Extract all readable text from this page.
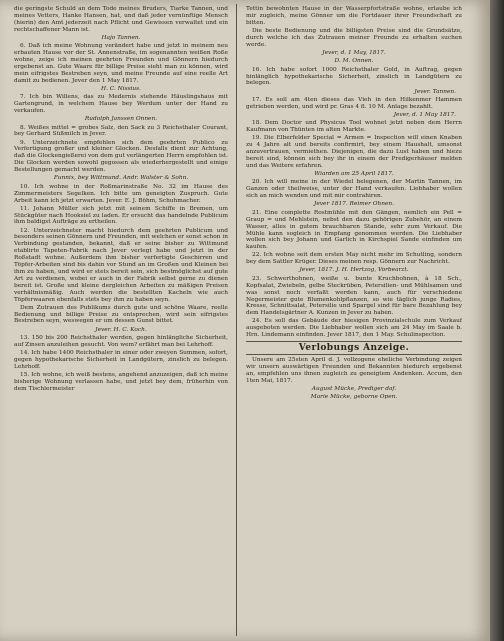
die geringste Schuld an dem Tode meines Bruders, Tiarke Tannen, und meines Vetters, Hanke Hansen, hat, und daß jeder vernünftige Mensch (hierin) den Amt jederzeit nach Pflicht und Gewissen verwaltet und ein rechtschaffener Mann ist.

Hajo Tannen.

6. Daß ich meine Wohnung verändert habe und jetzt in meinem neu erbauten Hause vor der St. Annenstraße, im sogenannten weißen Roße wohne, zeige ich meinen geehrten Freunden und Gönnern hiedurch ergebenst an. Gute Waare für billige Preise sieht man zu können, wird mein eifrigstes Bestreben seyn, und meine Freunde auf eine reelle Art damit zu bedienen. Jever den 1 May 1817.

H. C. Nissius.

7. Ich bin Willens, das zu Medernis stehende Häuslingshaus mit Gartengrund, in welchem Hause bey Werdum unter der Hand zu verkaufen.

Rudolph Janssen Onnen.

8. Weißes mittel = grobes Salz, den Sack zu 3 Reichsthaler Courant, bey Gerhard Süßmilch in Jever.

9. Unterzeichnete empfehlen sich dem geehrten Publico zu Verfertigung großer und kleiner Glocken. Desfalls dient zur Achtung, daß die Glockengießerei von dem gut verlängerten Herrn empfohlen ist. Die Glocken werden sowohl gegossen als wiederhergestellt und einige Bestellungen gemacht werden.

Funnix, bey Wittmund. Andr. Walster & Sohn.

10. Ich wohne in der Roßmarinstraße No. 32 im Hause des Zimmermeisters Segelken. Ich bitte um geneigten Zuspruch. Gute Arbeit kann ich jetzt erwarten. Jever. E. J. Böhm, Schuhmacher.

11. Johann Müller sich jetzt mit seinem Schiffe in Bremen, um Stückgüter nach Hooksiel zu laden. Er ersucht das handelnde Publicum ihm baldigst Aufträge zu ertheilen.

12. Unterzeichneter macht hiedurch dem geehrten Publicum und besonders seinen Gönnern und Freunden, mit welchen er sonst schon in Verbindung gestanden, bekannt, daß er seine bisher zu Wittmund etablirte Tapeten-Fabrik nach Jever verlegt habe und jetzt in der Roßstadt wohne. Außerdem ihm bisher verfertigte Geschirren und Töpfer-Arbeiten sind bis dahin vor Stund an im Großen und Kleinen bei ihm zu haben, und wird er stets bereit sein, sich bestmöglichst auf gute Art zu verdienen, wobei er auch in der Fabrik selbst gerne zu dienen bereit ist. Große und kleine dergleichen Arbeiten zu mäßigen Preisen verhältnismäßig. Auch werden die bestellten Kacheln wie auch Töpferwaaren ebenfalls stets bey ihm zu haben seyn.

Dem Zutrauen des Publikums durch gute und schöne Waare, reelle Bedienung und billige Preise zu entsprechen, wird sein eifrigstes Bestreben seyn, weswegen er um dessen Gunst bittet.

Jever. H. C. Koch.

13. 150 bis 200 Reichsthaler werden, gegen hinlängliche Sicherheit, auf Zinsen anzuleihen gesucht. Von wem? erfährt man bei Lehrhoff.

14. Ich habe 1400 Reichsthaler in einer oder zweyen Summen, sofort, gegen hypothekarische Sicherheit in Landgütern, zinslich zu belegen. Lehrhoff.

15. Ich wohne, ich weiß bestens, angehend anzuzeigen, daß ich meine bisherige Wohnung verlassen habe, und jetzt bey dem, früherhin von dem Tischlermeister

Tettin bewohnten Hause in der Wasserpfortstraße wohne, erlaube ich mir zugleich, meine Gönner um die Fortdauer ihrer Freundschaft zu bitten.

Die beste Bedienung und die billigsten Preise sind die Grundsätze, durch welche ich das Zutrauen meiner Freunde zu erhalten suchen werde.

Jever, d. 1 May, 1817.
D. M. Onnen.

16. Ich habe sofort 1000 Reichsthaler Gold, in Auftrag, gegen hinlänglich hypothekarische Sicherheit, zinslich in Landgütern zu belegen.

Jever. Tannen.

17. Es soll am 4ten dieses das Vieh in den Hilkenmer Hammen getrieben werden, und wird pr. Gras 4 fl. 10 M. Anlage bezahlt.

Jever, d. 1 May 1817.

18. Dem Doctor und Physicus Tool wohnet jetzt neben dem Herrn Kaufmann von Thünten im alten Markte.

19. Die Elberfelder Special = Armen = Inspection will einen Knaben zu 4 Jahre alt und bereits confirmirt, bey einem Haushalt, umsonst anzuvertrauen, vermiethen. Diejenigen, die dazu Lust haben und hiezu bereit sind, können sich bey ihr in einem der Predigerhäuser melden und das Weitere erfahren.

Wiarden am 25 April 1817.

20. Ich will meine in der Wiedel belegenen, der Martin Tannen, im Ganzen oder theilweise, unter der Hand verkaufen. Liebhaber wollen sich an mich wenden und mit mir contrahiren.

Jever 1817. Reimer Ohnen.

21. Eine complette Rostmühle mit den Gängen, nemlich ein Pell = Graup = und Mehlstein, nebst den dazu gehörigen Zubehör, an einem Wasser, alles in gutem brauchbaren Stande, sehr zum Verkauf. Die Mühle kann sogleich in Empfang genommen werden. Die Liebhaber wollen sich bey Johann und Garlich in Kirchspiel Sande einfinden um kaufen.

22. Ich wohne seit dem ersten May nicht mehr im Schutling, sondern bey dem Sattler Krüger. Dieses meinen resp. Gönnern zur Nachricht.

Jever, 1817. J. H. Hertzog, Vorbearzt.

23. Schwerthohnen, weiße u. bunte Kruchbohnen, à 18 Sch., Kopfsalat, Zwiebeln, gelbe Steckrüben, Petersilien- und Mühlsamen und was sonst noch verfaßt werden kann, auch für verschiedene Negermeister gute Blumenkohlpflanzen, so wie täglich junge Radies, Kresse, Schnittsalat, Petersilie und Spargel sind für bare Bezahlung bey dem Handelsgärtner A. Kunzen in Jever zu haben.

24. Es soll das Gebäude der hiesigen Provinzialschule zum Verkauf ausgeboten werden. Die Liebhaber wollen sich am 24 May im Saale b. Hrn. Lindemann einfinden. Jever 1817, den 1 May. Schulinspection.

Verlobungs Anzeige.

Unsere am 25sten April d. J. vollzogene eheliche Verbindung zeigen wir unsern auswärtigen Freunden und Bekannten hiedurch ergebenst an, empfehlen uns ihnen zugleich zu geneigtem Andenken. Accum, den 1ten Mai, 1817.

August Mücke, Prediger daf.
Marie Mücke, geborne Open.
